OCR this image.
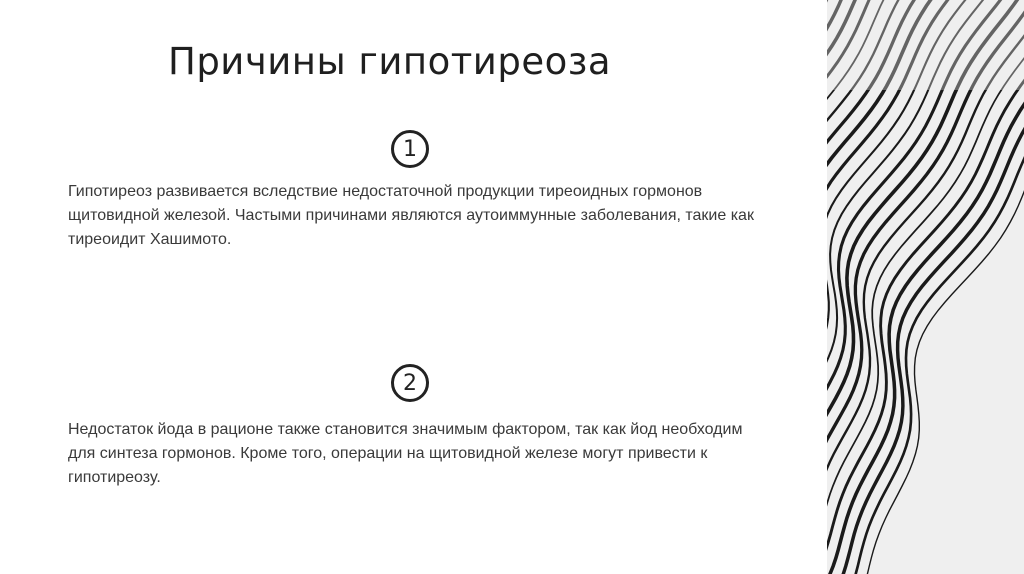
Причины гипотиреоза
1

Гипотиреоз развивается вследствие недостаточной продукции тиреоидных гормонов щитовидной железой. Частыми причинами являются аутоиммунные заболевания, такие как тиреоидит Хашимото.

2

Недостаток йода в рационе также становится значимым фактором, так как йод необходим для синтеза гормонов. Кроме того, операции на щитовидной железе могут привести к гипотиреозу.
